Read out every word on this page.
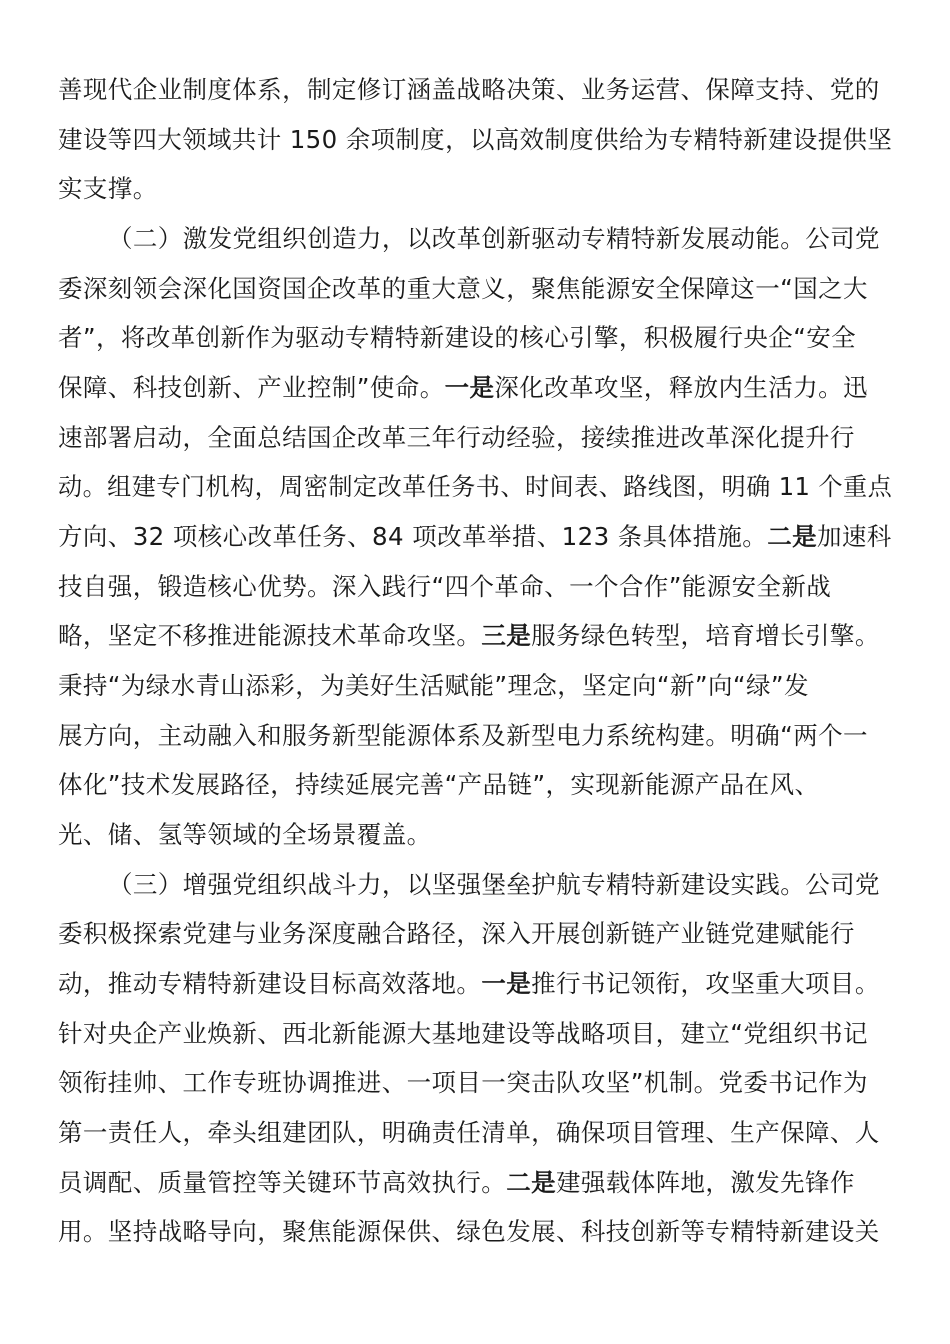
善现代企业制度体系，制定修订涵盖战略决策、业务运营、保障支持、党的
建设等四大领域共计 150 余项制度，以高效制度供给为专精特新建设提供坚
实支撑。
（二）激发党组织创造力，以改革创新驱动专精特新发展动能。公司党
委深刻领会深化国资国企改革的重大意义，聚焦能源安全保障这一“国之大
者”，将改革创新作为驱动专精特新建设的核心引擎，积极履行央企“安全
保障、科技创新、产业控制”使命。一是深化改革攻坚，释放内生活力。迅
速部署启动，全面总结国企改革三年行动经验，接续推进改革深化提升行
动。组建专门机构，周密制定改革任务书、时间表、路线图，明确 11 个重点
方向、32 项核心改革任务、84 项改革举措、123 条具体措施。二是加速科
技自强，锻造核心优势。深入践行“四个革命、一个合作”能源安全新战
略，坚定不移推进能源技术革命攻坚。三是服务绿色转型，培育增长引擎。
秉持“为绿水青山添彩，为美好生活赋能”理念，坚定向“新”向“绿”发
展方向，主动融入和服务新型能源体系及新型电力系统构建。明确“两个一
体化”技术发展路径，持续延展完善“产品链”，实现新能源产品在风、
光、储、氢等领域的全场景覆盖。
（三）增强党组织战斗力，以坚强堡垒护航专精特新建设实践。公司党
委积极探索党建与业务深度融合路径，深入开展创新链产业链党建赋能行
动，推动专精特新建设目标高效落地。一是推行书记领衔，攻坚重大项目。
针对央企产业焕新、西北新能源大基地建设等战略项目，建立“党组织书记
领衔挂帅、工作专班协调推进、一项目一突击队攻坚”机制。党委书记作为
第一责任人，牵头组建团队，明确责任清单，确保项目管理、生产保障、人
员调配、质量管控等关键环节高效执行。二是建强载体阵地，激发先锋作
用。坚持战略导向，聚焦能源保供、绿色发展、科技创新等专精特新建设关
